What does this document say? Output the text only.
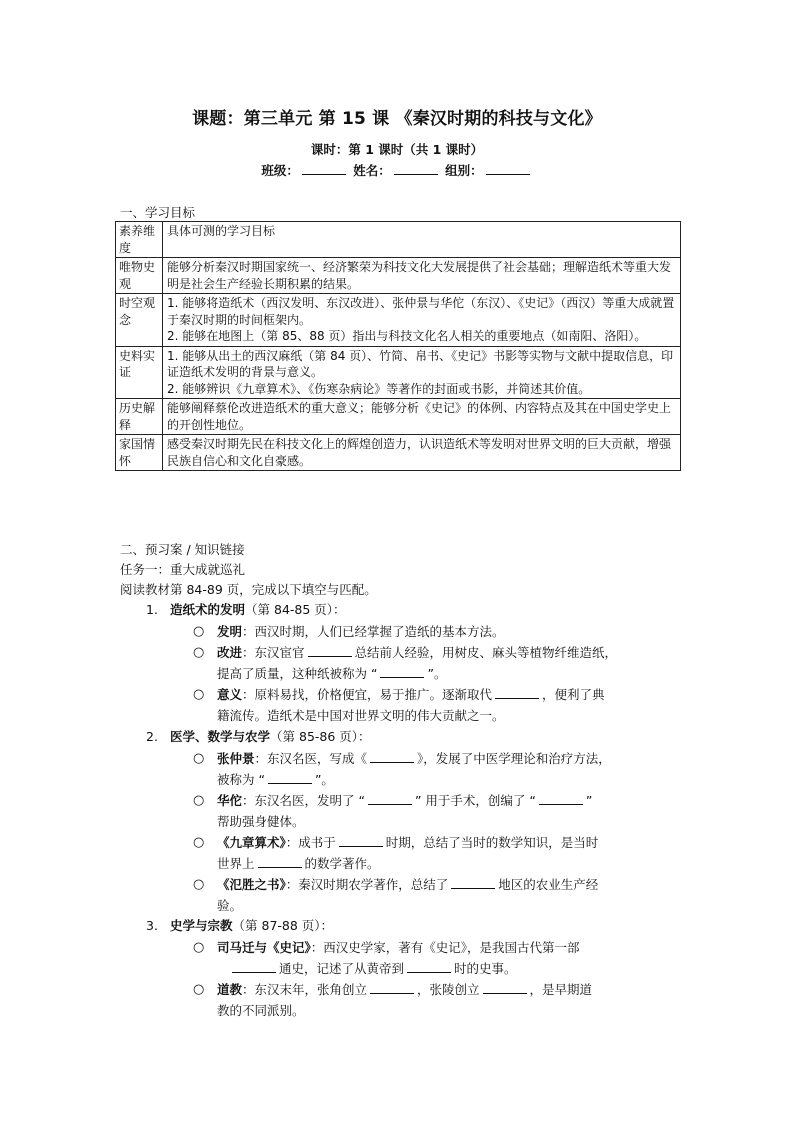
课题：第三单元 第 15 课 《秦汉时期的科技与文化》
课时：第 1 课时（共 1 课时）
班级：	姓名：	组别：
一、学习目标
素养维度	具体可测的学习目标
唯物史观	能够分析秦汉时期国家统一、经济繁荣为科技文化大发展提供了社会基础；理解造纸术等重大发明是社会生产经验长期积累的结果。
时空观念	1. 能够将造纸术（西汉发明、东汉改进）、张仲景与华佗（东汉）、《史记》（西汉）等重大成就置于秦汉时期的时间框架内。
2. 能够在地图上（第 85、88 页）指出与科技文化名人相关的重要地点（如南阳、洛阳）。

史料实证	1. 能够从出土的西汉麻纸（第 84 页）、竹简、帛书、《史记》书影等实物与文献中提取信息，印证造纸术发明的背景与意义。
2. 能够辨识《九章算术》、《伤寒杂病论》等著作的封面或书影，并简述其价值。

历史解释	能够阐释蔡伦改进造纸术的重大意义；能够分析《史记》的体例、内容特点及其在中国史学史上的开创性地位。
家国情怀	感受秦汉时期先民在科技文化上的辉煌创造力，认识造纸术等发明对世界文明的巨大贡献，增强民族自信心和文化自豪感。
二、预习案 / 知识链接
任务一：重大成就巡礼
阅读教材第 84-89 页，完成以下填空与匹配。
1. 造纸术的发明（第 84-85 页）：
○ 发明：西汉时期，人们已经掌握了造纸的基本方法。
○ 改进：东汉宦官	总结前人经验，用树皮、麻头等植物纤维造纸，
提高了质量，这种纸被称为 “	”。
○ 意义：原料易找，价格便宜，易于推广。逐渐取代	，便利了典
籍流传。造纸术是中国对世界文明的伟大贡献之一。
2. 医学、数学与农学（第 85-86 页）：
○ 张仲景：东汉名医，写成《	》，发展了中医学理论和治疗方法，
被称为 “	”。
○ 华佗：东汉名医，发明了 “	” 用于手术，创编了 “	”
帮助强身健体。
○ 《九章算术》：成书于	时期，总结了当时的数学知识，是当时
世界上	的数学著作。
○ 《氾胜之书》：秦汉时期农学著作，总结了	地区的农业生产经
验。
3. 史学与宗教（第 87-88 页）：
○ 司马迁与《史记》：西汉史学家，著有《史记》，是我国古代第一部
通史，记述了从黄帝到	时的史事。
○ 道教：东汉末年，张角创立	，张陵创立	，是早期道
教的不同派别。
